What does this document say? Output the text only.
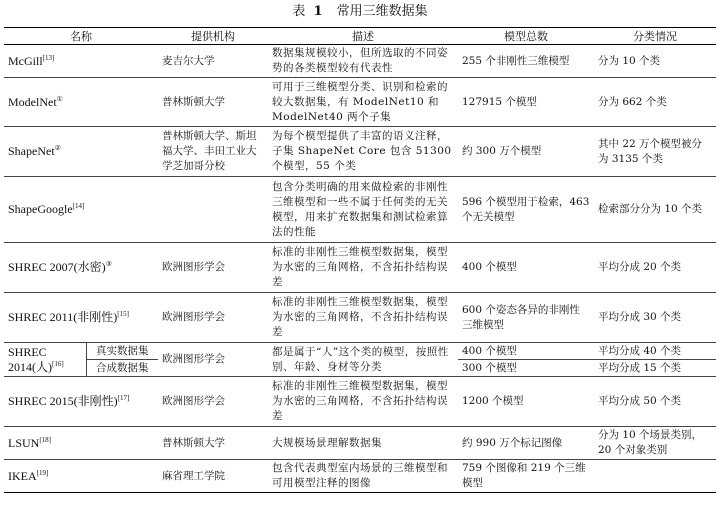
表 1 常用三维数据集
名称		提供机构	描述	模型总数	分类情况
McGill[13]		麦吉尔大学	数据集规模较小，但所选取的不同姿势的各类模型较有代表性	255 个非刚性三维模型	分为 10 个类
ModelNet①		普林斯顿大学	可用于三维模型分类、识别和检索的较大数据集，有 ModelNet10 和 ModelNet40 两个子集	127915 个模型	分为 662 个类
ShapeNet②		普林斯顿大学、斯坦福大学、丰田工业大学芝加哥分校	为每个模型提供了丰富的语义注释，子集 ShapeNet Core 包含 51300 个模型，55 个类	约 300 万个模型	其中 22 万个模型被分为 3135 个类
ShapeGoogle[14]			包含分类明确的用来做检索的非刚性三维模型和一些不属于任何类的无关模型，用来扩充数据集和测试检索算法的性能	596 个模型用于检索，463 个无关模型	检索部分分为 10 个类
SHREC 2007(水密)③		欧洲图形学会	标准的非刚性三维模型数据集，模型为水密的三角网格，不含拓扑结构误差	400 个模型	平均分成 20 个类
SHREC 2011(非刚性)[15]		欧洲图形学会	标准的非刚性三维模型数据集，模型为水密的三角网格，不含拓扑结构误差	600 个姿态各异的非刚性三维模型	平均分成 30 个类
SHREC 2014(人)[16]	真实数据集	欧洲图形学会	都是属于“人”这个类的模型，按照性别、年龄、身材等分类	400 个模型	平均分成 40 个类
	合成数据集			300 个模型	平均分成 15 个类
SHREC 2015(非刚性)[17]		欧洲图形学会	标准的非刚性三维模型数据集，模型为水密的三角网格，不含拓扑结构误差	1200 个模型	平均分成 50 个类
LSUN[18]		普林斯顿大学	大规模场景理解数据集	约 990 万个标记图像	分为 10 个场景类别，20 个对象类别
IKEA[19]		麻省理工学院	包含代表典型室内场景的三维模型和可用模型注释的图像	759 个图像和 219 个三维模型	
